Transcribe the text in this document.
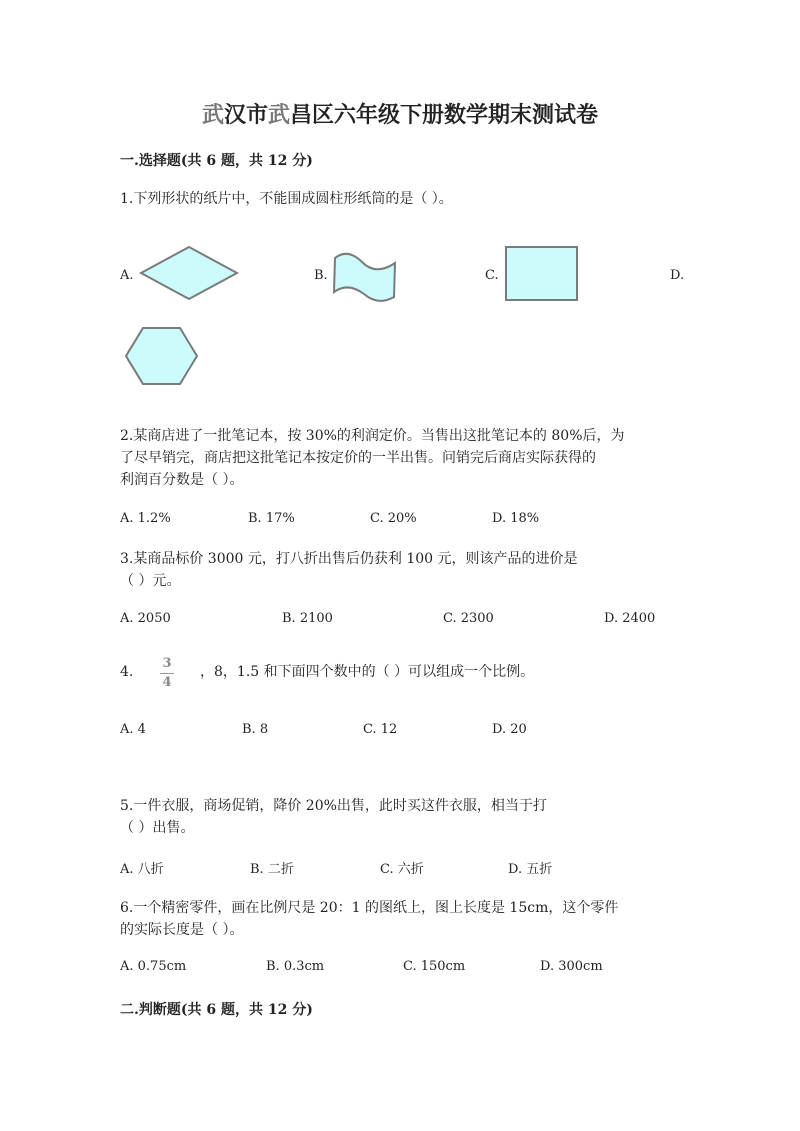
武汉市武昌区六年级下册数学期末测试卷
一.选择题(共 6 题，共 12 分)
1.下列形状的纸片中，不能围成圆柱形纸筒的是（ ）。
A.	B.	C.	D.
2.某商店进了一批笔记本，按 30%的利润定价。当售出这批笔记本的 80%后，为
了尽早销完，商店把这批笔记本按定价的一半出售。问销完后商店实际获得的
利润百分数是（ ）。
A. 1.2%	B. 17%	C. 20%	D. 18%
3.某商品标价 3000 元，打八折出售后仍获利 100 元，则该产品的进价是
（ ）元。
A. 2050	B. 2100	C. 2300	D. 2400
4.
3
4
，8，1.5 和下面四个数中的（ ）可以组成一个比例。
A. 4	B. 8	C. 12	D. 20
5.一件衣服，商场促销，降价 20%出售，此时买这件衣服，相当于打
（ ）出售。
A. 八折	B. 二折	C. 六折	D. 五折
6.一个精密零件，画在比例尺是 20：1 的图纸上，图上长度是 15cm，这个零件
的实际长度是（ ）。
A. 0.75cm	B. 0.3cm	C. 150cm	D. 300cm
二.判断题(共 6 题，共 12 分)
